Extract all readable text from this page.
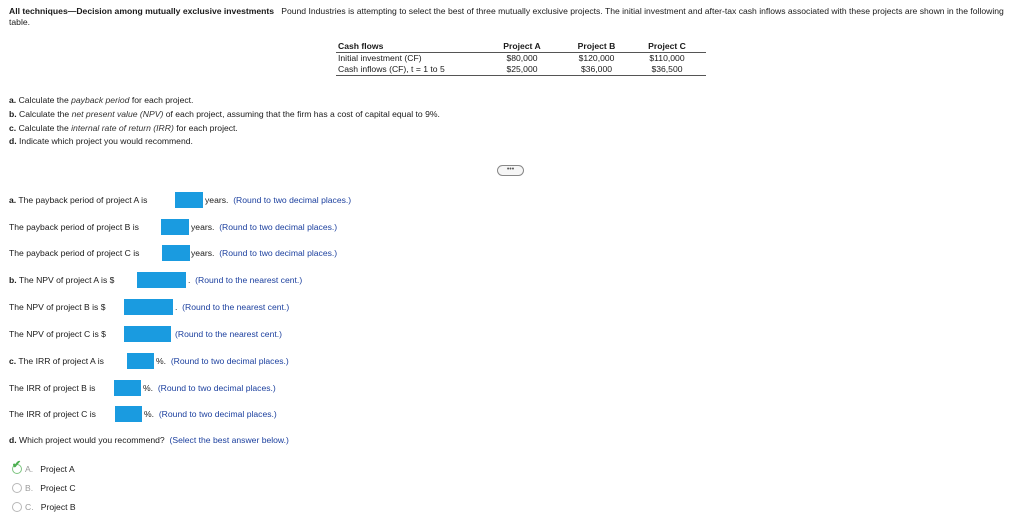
All techniques—Decision among mutually exclusive investments Pound Industries is attempting to select the best of three mutually exclusive projects. The initial investment and after-tax cash inflows associated with these projects are shown in the following table.
Cash flows	Project A	Project B	Project C
Initial investment (CF)	$80,000	$120,000	$110,000
Cash inflows (CF), t = 1 to 5	$25,000	$36,000	$36,500
a. Calculate the payback period for each project.
b. Calculate the net present value (NPV) of each project, assuming that the firm has a cost of capital equal to 9%.
c. Calculate the internal rate of return (IRR) for each project.
d. Indicate which project you would recommend.
•••
a. The payback period of project A is	years. (Round to two decimal places.)
The payback period of project B is	years. (Round to two decimal places.)
The payback period of project C is	years. (Round to two decimal places.)
b. The NPV of project A is $	. (Round to the nearest cent.)
The NPV of project B is $	. (Round to the nearest cent.)
The NPV of project C is $	(Round to the nearest cent.)
c. The IRR of project A is	%. (Round to two decimal places.)
The IRR of project B is	%. (Round to two decimal places.)
The IRR of project C is	%. (Round to two decimal places.)
d. Which project would you recommend? (Select the best answer below.)
✔ A. Project A
B. Project C
C. Project B
